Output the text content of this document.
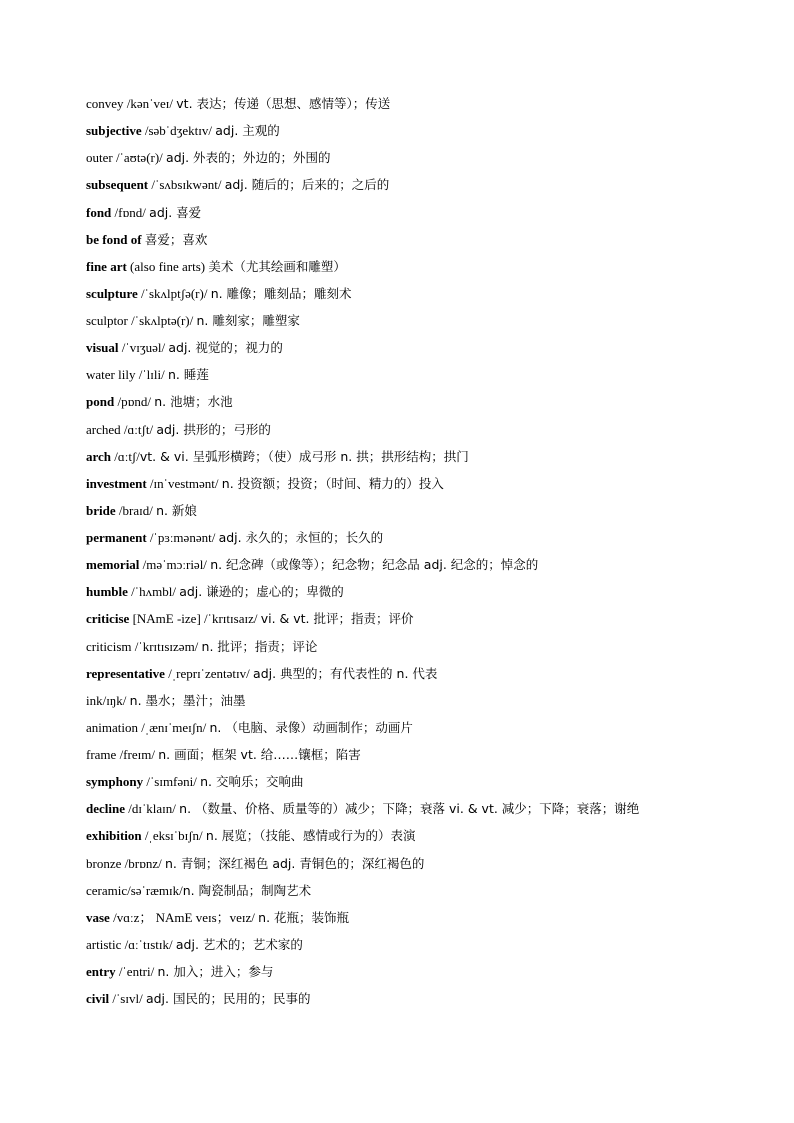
convey /kənˈveɪ/ vt. 表达；传递（思想、感情等）；传送
subjective /səbˈdʒektɪv/ adj. 主观的
outer /ˈaʊtə(r)/ adj. 外表的；外边的；外围的
subsequent /ˈsʌbsɪkwənt/ adj. 随后的；后来的；之后的
fond /fɒnd/ adj. 喜爱
be fond of 喜爱；喜欢
fine art (also fine arts) 美术（尤其绘画和雕塑）
sculpture /ˈskʌlptʃə(r)/ n. 雕像；雕刻品；雕刻术
sculptor /ˈskʌlptə(r)/ n. 雕刻家；雕塑家
visual /ˈvɪʒuəl/ adj. 视觉的；视力的
water lily /ˈlɪli/ n. 睡莲
pond /pɒnd/ n. 池塘；水池
arched /ɑːtʃt/ adj. 拱形的；弓形的
arch /ɑːtʃ/vt. & vi. 呈弧形横跨；（使）成弓形 n. 拱；拱形结构；拱门
investment /ɪnˈvestmənt/ n. 投资额；投资；（时间、精力的）投入
bride /braɪd/ n. 新娘
permanent /ˈpɜːmənənt/ adj. 永久的；永恒的；长久的
memorial /məˈmɔːriəl/ n. 纪念碑（或像等）；纪念物；纪念品 adj. 纪念的；悼念的
humble /ˈhʌmbl/ adj. 谦逊的；虚心的；卑微的
criticise [NAmE -ize] /ˈkrɪtɪsaɪz/ vi. & vt. 批评；指责；评价
criticism /ˈkrɪtɪsɪzəm/ n. 批评；指责；评论
representative /ˌreprɪˈzentətɪv/ adj. 典型的；有代表性的 n. 代表
ink/ɪŋk/ n. 墨水；墨汁；油墨
animation /ˌænɪˈmeɪʃn/ n. （电脑、录像）动画制作；动画片
frame /freɪm/ n. 画面；框架 vt. 给……镶框；陷害
symphony /ˈsɪmfəni/ n. 交响乐；交响曲
decline /dɪˈklaɪn/ n. （数量、价格、质量等的）减少；下降；衰落 vi. & vt. 减少；下降；衰落；谢绝
exhibition /ˌeksɪˈbɪʃn/ n. 展览；（技能、感情或行为的）表演
bronze /brɒnz/ n. 青铜；深红褐色 adj. 青铜色的；深红褐色的
ceramic/səˈræmɪk/n. 陶瓷制品；制陶艺术
vase /vɑːz； NAmE veɪs；veɪz/ n. 花瓶；装饰瓶
artistic /ɑːˈtɪstɪk/ adj. 艺术的；艺术家的
entry /ˈentri/ n. 加入；进入；参与
civil /ˈsɪvl/ adj. 国民的；民用的；民事的
